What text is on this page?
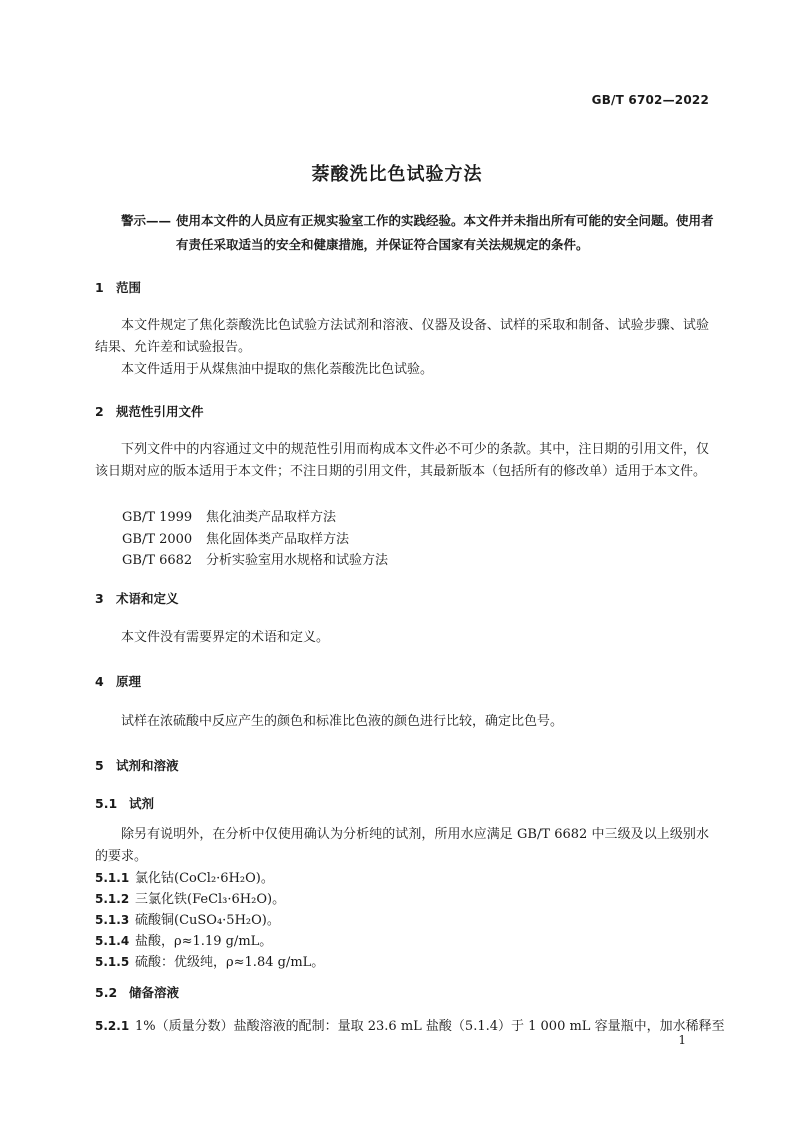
GB/T 6702—2022
萘酸洗比色试验方法
警示—— 使用本文件的人员应有正规实验室工作的实践经验。本文件并未指出所有可能的安全问题。使用者有责任采取适当的安全和健康措施，并保证符合国家有关法规规定的条件。
1 范围
本文件规定了焦化萘酸洗比色试验方法试剂和溶液、仪器及设备、试样的采取和制备、试验步骤、试验结果、允许差和试验报告。
本文件适用于从煤焦油中提取的焦化萘酸洗比色试验。
2 规范性引用文件
下列文件中的内容通过文中的规范性引用而构成本文件必不可少的条款。其中，注日期的引用文件，仅该日期对应的版本适用于本文件；不注日期的引用文件，其最新版本（包括所有的修改单）适用于本文件。
GB/T 1999 焦化油类产品取样方法
GB/T 2000 焦化固体类产品取样方法
GB/T 6682 分析实验室用水规格和试验方法
3 术语和定义
本文件没有需要界定的术语和定义。
4 原理
试样在浓硫酸中反应产生的颜色和标准比色液的颜色进行比较，确定比色号。
5 试剂和溶液
5.1 试剂
除另有说明外，在分析中仅使用确认为分析纯的试剂，所用水应满足 GB/T 6682 中三级及以上级别水的要求。
5.1.1 氯化钴(CoCl₂·6H₂O)。
5.1.2 三氯化铁(FeCl₃·6H₂O)。
5.1.3 硫酸铜(CuSO₄·5H₂O)。
5.1.4 盐酸，ρ≈1.19 g/mL。
5.1.5 硫酸：优级纯，ρ≈1.84 g/mL。
5.2 储备溶液
5.2.1 1%（质量分数）盐酸溶液的配制：量取 23.6 mL 盐酸（5.1.4）于 1 000 mL 容量瓶中，加水稀释至
1
